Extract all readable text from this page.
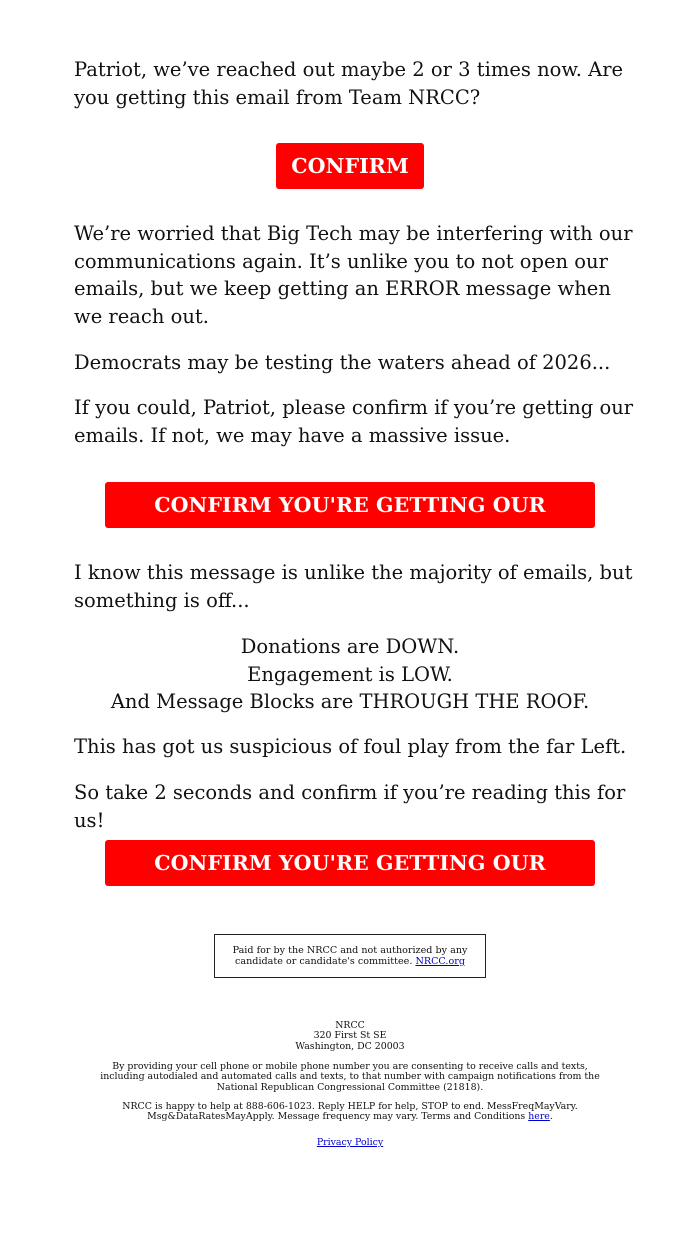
Patriot, we’ve reached out maybe 2 or 3 times now. Are you getting this email from Team NRCC?

CONFIRM

We’re worried that Big Tech may be interfering with our communications again. It’s unlike you to not open our emails, but we keep getting an ERROR message when we reach out.

Democrats may be testing the waters ahead of 2026...

If you could, Patriot, please confirm if you’re getting our emails. If not, we may have a massive issue.

CONFIRM YOU'RE GETTING OUR EMAILS

I know this message is unlike the majority of emails, but something is off...

Donations are DOWN.
Engagement is LOW.
And Message Blocks are THROUGH THE ROOF.

This has got us suspicious of foul play from the far Left.

So take 2 seconds and confirm if you’re reading this for us!

CONFIRM YOU'RE GETTING OUR EMAILS
Paid for by the NRCC and not authorized by any candidate or candidate's committee. NRCC.org
NRCC
320 First St SE
Washington, DC 20003

By providing your cell phone or mobile phone number you are consenting to receive calls and texts, including autodialed and automated calls and texts, to that number with campaign notifications from the National Republican Congressional Committee (21818).

NRCC is happy to help at 888-606-1023. Reply HELP for help, STOP to end. MessFreqMayVary. Msg&DataRatesMayApply. Message frequency may vary. Terms and Conditions here.

Privacy Policy
